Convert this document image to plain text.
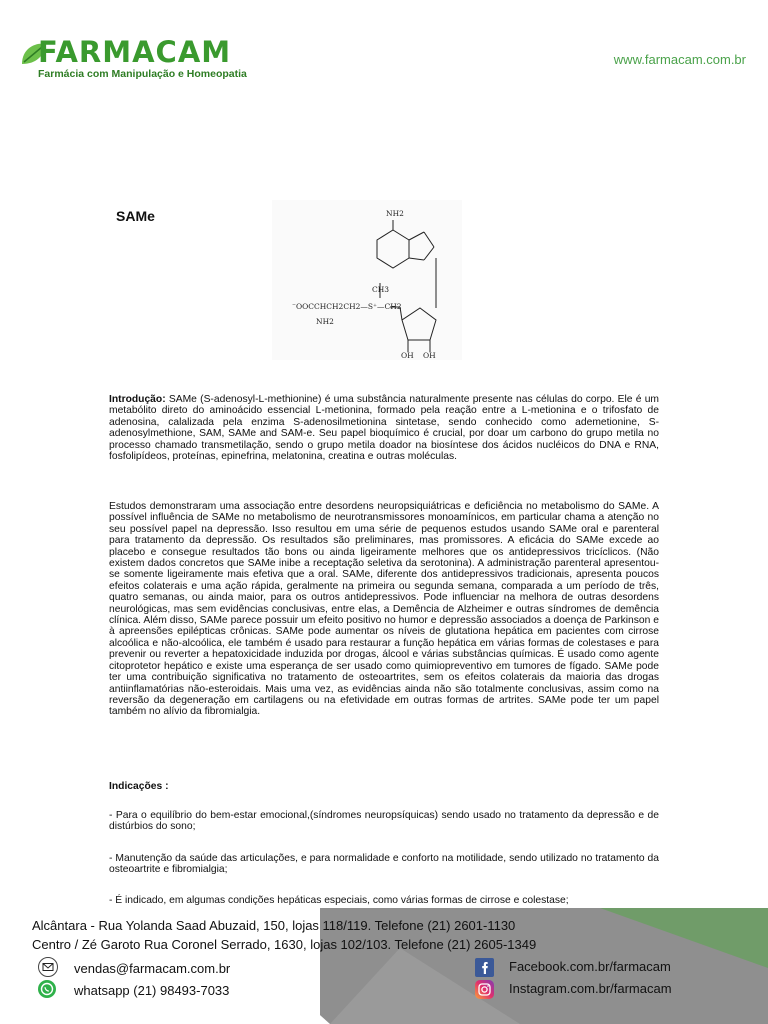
FARMACAM
Farmácia com Manipulação e Homeopatia
www.farmacam.com.br
SAMe	NH2
CH3
⁻OOCCHCH2CH2—S⁺—CH2
NH2
OH OH
Introdução: SAMe (S-adenosyl-L-methionine) é uma substância naturalmente presente nas células do corpo. Ele é um metabólito direto do aminoácido essencial L-metionina, formado pela reação entre a L-metionina e o trifosfato de adenosina, calalizada pela enzima S-adenosilmetionina sintetase, sendo conhecido como ademetionine, S-adenosylmethione, SAM, SAMe and SAM-e. Seu papel bioquímico é crucial, por doar um carbono do grupo metila no processo chamado transmetilação, sendo o grupo metila doador na biosíntese dos ácidos nucléicos do DNA e RNA, fosfolipídeos, proteínas, epinefrina, melatonina, creatina e outras moléculas.
Estudos demonstraram uma associação entre desordens neuropsiquiátricas e deficiência no metabolismo do SAMe. A possível influência de SAMe no metabolismo de neurotransmissores monoamínicos, em particular chama a atenção no seu possível papel na depressão. Isso resultou em uma série de pequenos estudos usando SAMe oral e parenteral para tratamento da depressão. Os resultados são preliminares, mas promissores. A eficácia do SAMe excede ao placebo e consegue resultados tão bons ou ainda ligeiramente melhores que os antidepressivos tricíclicos. (Não existem dados concretos que SAMe inibe a receptação seletiva da serotonina). A administração parenteral apresentou-se somente ligeiramente mais efetiva que a oral. SAMe, diferente dos antidepressivos tradicionais, apresenta poucos efeitos colaterais e uma ação rápida, geralmente na primeira ou segunda semana, comparada a um período de três, quatro semanas, ou ainda maior, para os outros antidepressivos. Pode influenciar na melhora de outras desordens neurológicas, mas sem evidências conclusivas, entre elas, a Demência de Alzheimer e outras síndromes de demência clínica. Além disso, SAMe parece possuir um efeito positivo no humor e depressão associados a doença de Parkinson e à apreensões epilépticas crônicas. SAMe pode aumentar os níveis de glutationa hepática em pacientes com cirrose alcoólica e não-alcoólica, ele também é usado para restaurar a função hepática em várias formas de colestases e para prevenir ou reverter a hepatoxicidade induzida por drogas, álcool e várias substâncias químicas. É usado como agente citoprotetor hepático e existe uma esperança de ser usado como quimiopreventivo em tumores de fígado. SAMe pode ter uma contribuição significativa no tratamento de osteoartrites, sem os efeitos colaterais da maioria das drogas antiinflamatórias não-esteroidais. Mais uma vez, as evidências ainda não são totalmente conclusivas, assim como na reversão da degeneração em cartilagens ou na efetividade em outras formas de artrites. SAMe pode ter um papel também no alívio da fibromialgia.
Indicações :
- Para o equilíbrio do bem-estar emocional,(síndromes neuropsíquicas) sendo usado no tratamento da depressão e de distúrbios do sono;
- Manutenção da saúde das articulações, e para normalidade e conforto na motilidade, sendo utilizado no tratamento da osteoartrite e fibromialgia;
- É indicado, em algumas condições hepáticas especiais, como várias formas de cirrose e colestase;
Alcântara - Rua Yolanda Saad Abuzaid, 150, lojas 118/119. Telefone (21) 2601-1130
Centro / Zé Garoto Rua Coronel Serrado, 1630, lojas 102/103. Telefone (21) 2605-1349
vendas@farmacam.com.br
whatsapp (21) 98493-7033
Facebook.com.br/farmacam
Instagram.com.br/farmacam
